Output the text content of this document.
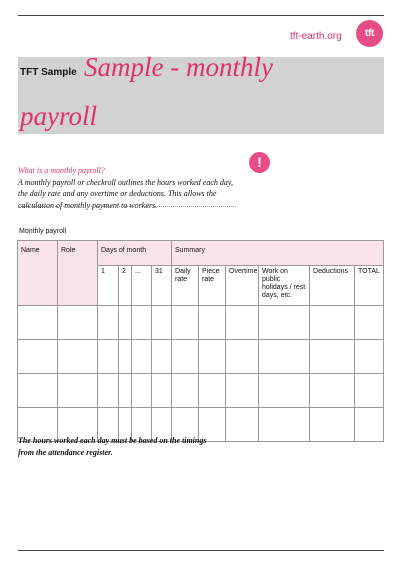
tft-earth.org	tft
TFT Sample Sample - monthly
payroll
!
What is a monthly payroll?
A monthly payroll or checkroll outlines the hours worked each day, the daily rate and any overtime or deductions. This allows the calculation of monthly payment to workers.
Monthly payroll
Name	Role	Days of month				Summary					
		1	2	...	31	Daily rate	Piece rate	Overtime	Work on public holidays / rest days, etc.	Deductions	TOTAL

The hours worked each day must be based on the timings
from the attendance register.
